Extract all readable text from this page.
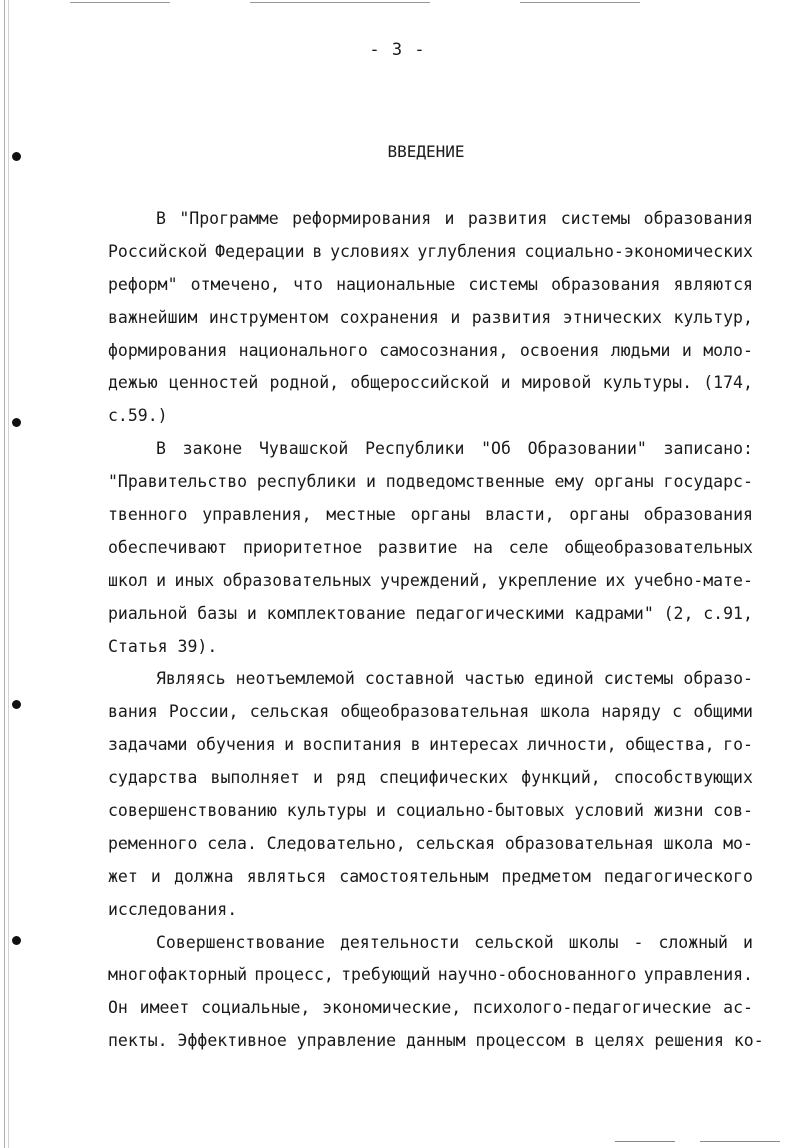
- 3 -
ВВЕДЕНИЕ
В "Программе реформирования и развития системы образования
Российской Федерации в условиях углубления социально-экономических
реформ" отмечено, что национальные системы образования являются
важнейшим инструментом сохранения и развития этнических культур,
формирования национального самосознания, освоения людьми и моло-
дежью ценностей родной, общероссийской и мировой культуры. (174,
с.59.)
В законе Чувашской Республики "Об Образовании" записано:
"Правительство республики и подведомственные ему органы государс-
твенного управления, местные органы власти, органы образования
обеспечивают приоритетное развитие на селе общеобразовательных
школ и иных образовательных учреждений, укрепление их учебно-мате-
риальной базы и комплектование педагогическими кадрами" (2, с.91,
Статья 39).
Являясь неотъемлемой составной частью единой системы образо-
вания России, сельская общеобразовательная школа наряду с общими
задачами обучения и воспитания в интересах личности, общества, го-
сударства выполняет и ряд специфических функций, способствующих
совершенствованию культуры и социально-бытовых условий жизни сов-
ременного села. Следовательно, сельская образовательная школа мо-
жет и должна являться самостоятельным предметом педагогического
исследования.
Совершенствование деятельности сельской школы - сложный и
многофакторный процесс, требующий научно-обоснованного управления.
Он имеет социальные, экономические, психолого-педагогические ас-
пекты. Эффективное управление данным процессом в целях решения ко-
